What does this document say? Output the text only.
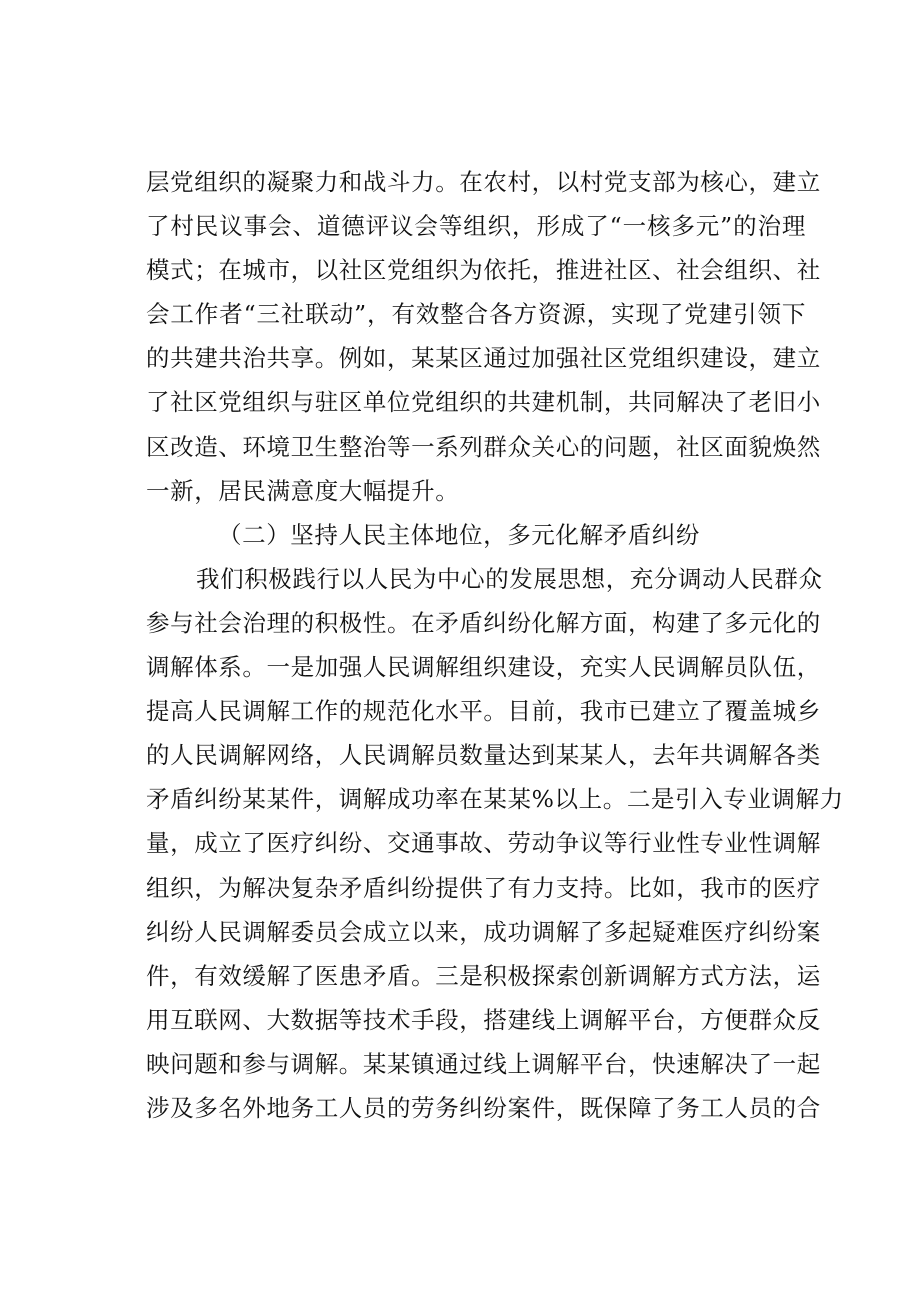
层党组织的凝聚力和战斗力。在农村，以村党支部为核心，建立
了村民议事会、道德评议会等组织，形成了“一核多元”的治理
模式；在城市，以社区党组织为依托，推进社区、社会组织、社
会工作者“三社联动”，有效整合各方资源，实现了党建引领下
的共建共治共享。例如，某某区通过加强社区党组织建设，建立
了社区党组织与驻区单位党组织的共建机制，共同解决了老旧小
区改造、环境卫生整治等一系列群众关心的问题，社区面貌焕然
一新，居民满意度大幅提升。
（二）坚持人民主体地位，多元化解矛盾纠纷
我们积极践行以人民为中心的发展思想，充分调动人民群众
参与社会治理的积极性。在矛盾纠纷化解方面，构建了多元化的
调解体系。一是加强人民调解组织建设，充实人民调解员队伍，
提高人民调解工作的规范化水平。目前，我市已建立了覆盖城乡
的人民调解网络，人民调解员数量达到某某人，去年共调解各类
矛盾纠纷某某件，调解成功率在某某%以上。二是引入专业调解力
量，成立了医疗纠纷、交通事故、劳动争议等行业性专业性调解
组织，为解决复杂矛盾纠纷提供了有力支持。比如，我市的医疗
纠纷人民调解委员会成立以来，成功调解了多起疑难医疗纠纷案
件，有效缓解了医患矛盾。三是积极探索创新调解方式方法，运
用互联网、大数据等技术手段，搭建线上调解平台，方便群众反
映问题和参与调解。某某镇通过线上调解平台，快速解决了一起
涉及多名外地务工人员的劳务纠纷案件，既保障了务工人员的合
